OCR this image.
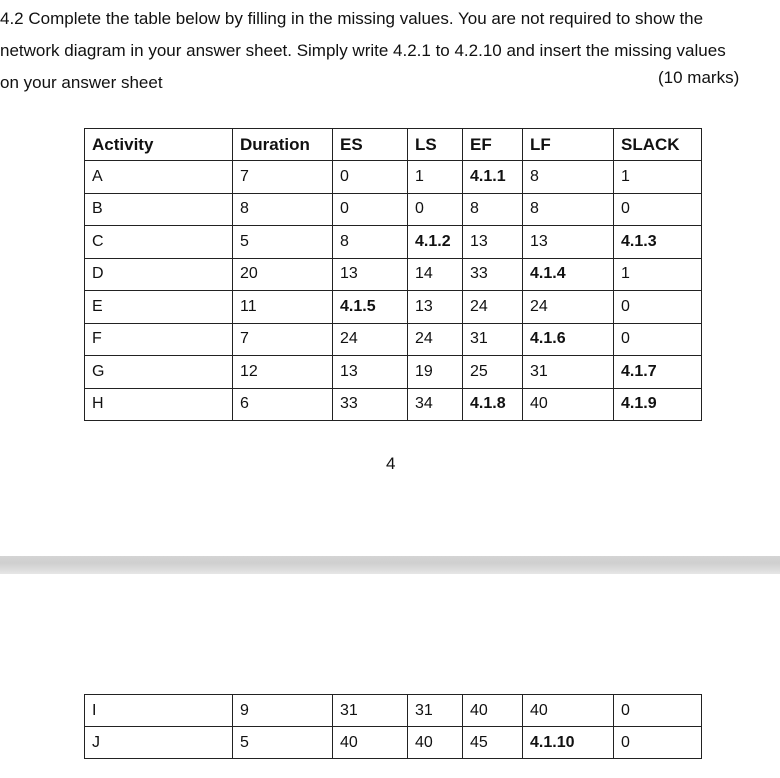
4.2 Complete the table below by filling in the missing values. You are not required to show the
network diagram in your answer sheet. Simply write 4.2.1 to 4.2.10 and insert the missing values
on your answer sheet	(10 marks)
Activity	Duration	ES	LS	EF	LF	SLACK
A	7	0	1	4.1.1	8	1
B	8	0	0	8	8	0
C	5	8	4.1.2	13	13	4.1.3
D	20	13	14	33	4.1.4	1
E	11	4.1.5	13	24	24	0
F	7	24	24	31	4.1.6	0
G	12	13	19	25	31	4.1.7
H	6	33	34	4.1.8	40	4.1.9
4
I	9	31	31	40	40	0
J	5	40	40	45	4.1.10	0
